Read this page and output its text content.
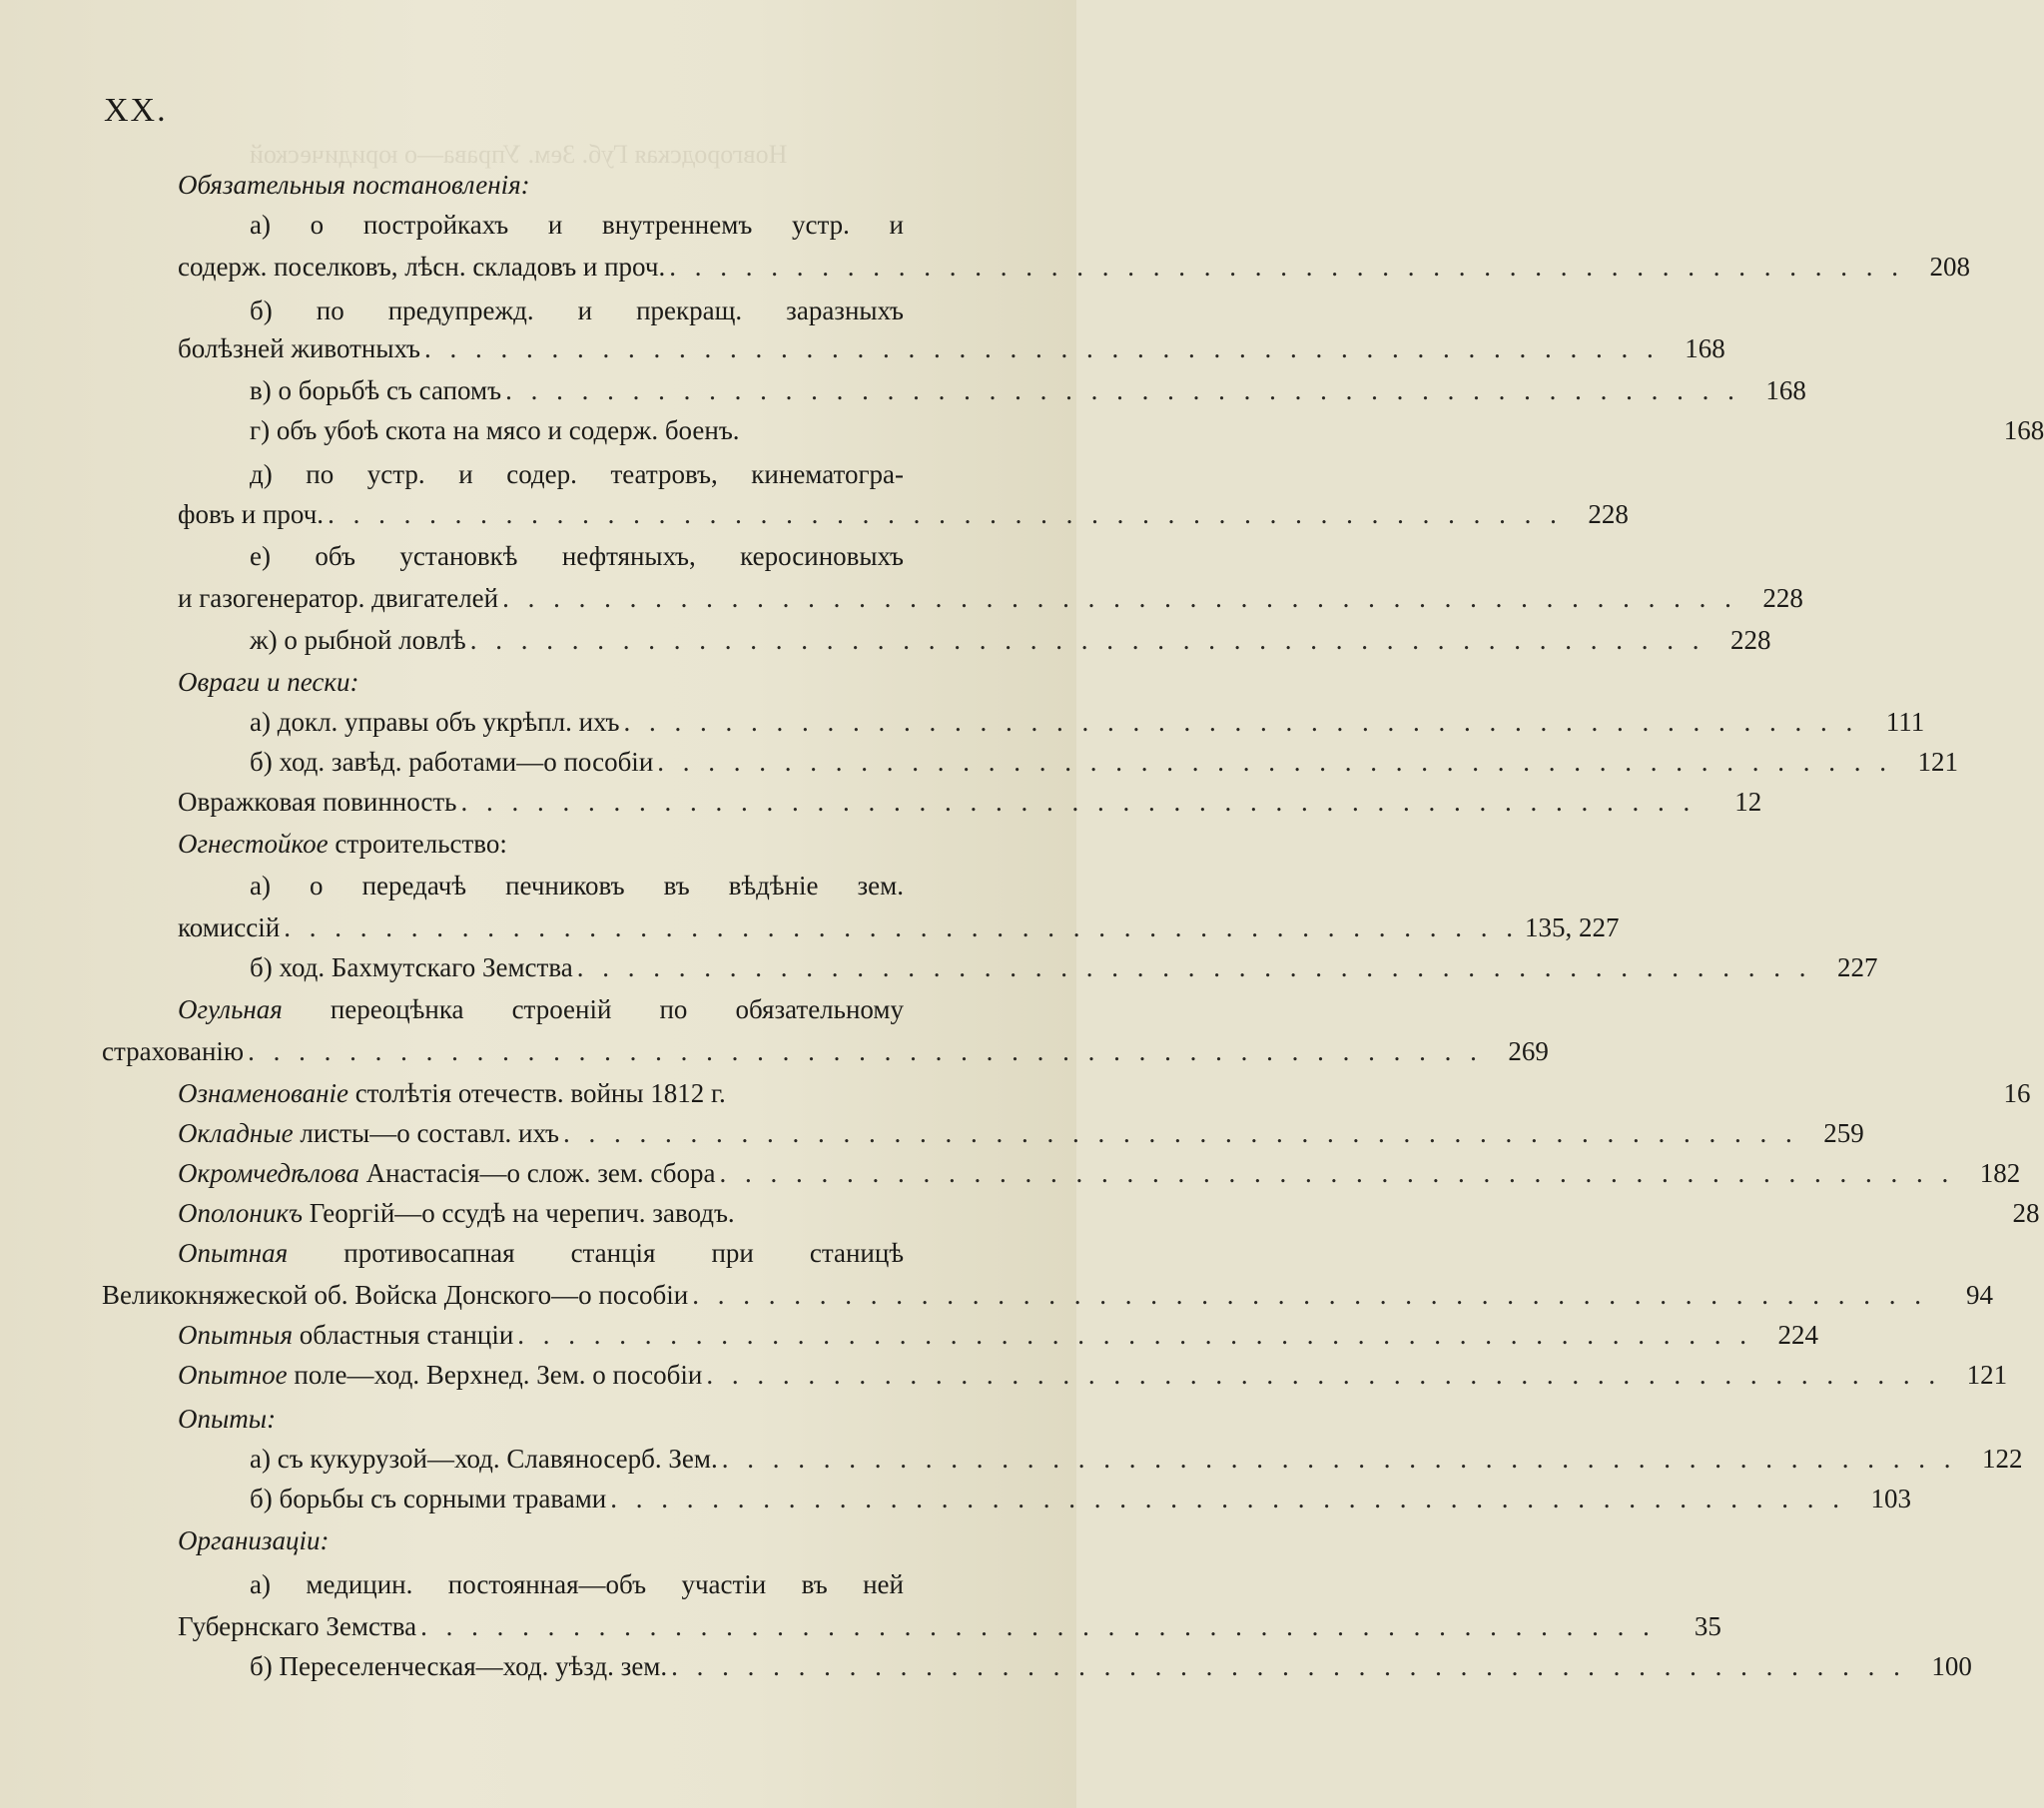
Новгородская Губ. Зем. Управа—о юридической
XX.
Обязательныя постановленія:
а) о постройкахъ и внутреннемъ устр. и
содерж. поселковъ, лѣсн. складовъ и проч. . . .	208
б) по предупрежд. и прекращ. заразныхъ
болѣзней животныхъ . . .	168
в) о борьбѣ съ сапомъ . . .	168
г) объ убоѣ скота на мясо и содерж. боенъ.	168
д) по устр. и содер. театровъ, кинематогра-
фовъ и проч. . . .	228
е) объ установкѣ нефтяныхъ, керосиновыхъ
и газогенератор. двигателей . . .	228
ж) о рыбной ловлѣ . . .	228
Овраги и пески:
а) докл. управы объ укрѣпл. ихъ . . .	111
б) ход. завѣд. работами—о пособіи . . .	121
Овражковая повинность . . .	12
Огнестойкое строительство:
а) о передачѣ печниковъ въ вѣдѣніе зем.
комиссій . . .	135, 227
б) ход. Бахмутскаго Земства . . .	227
Огульная переоцѣнка строеній по обязательному
страхованію . . .	269
Ознаменованіе столѣтія отечеств. войны 1812 г.	16
Окладные листы—о составл. ихъ . . .	259
Окромчедѣлова Анастасія—о слож. зем. сбора . . .	182
Ополоникъ Георгій—о ссудѣ на черепич. заводъ.	28
Опытная противосапная станція при станицѣ
Великокняжеской об. Войска Донского—о пособіи . . .	94
Опытныя областныя станціи . . .	224
Опытное поле—ход. Верхнед. Зем. о пособіи . . .	121
Опыты:
а) съ кукурузой—ход. Славяносерб. Зем. . . .	122
б) борьбы съ сорными травами . . .	103
Организаціи:
а) медицин. постоянная—объ участіи въ ней
Губернскаго Земства . . .	35
б) Переселенческая—ход. уѣзд. зем. . . .	100
